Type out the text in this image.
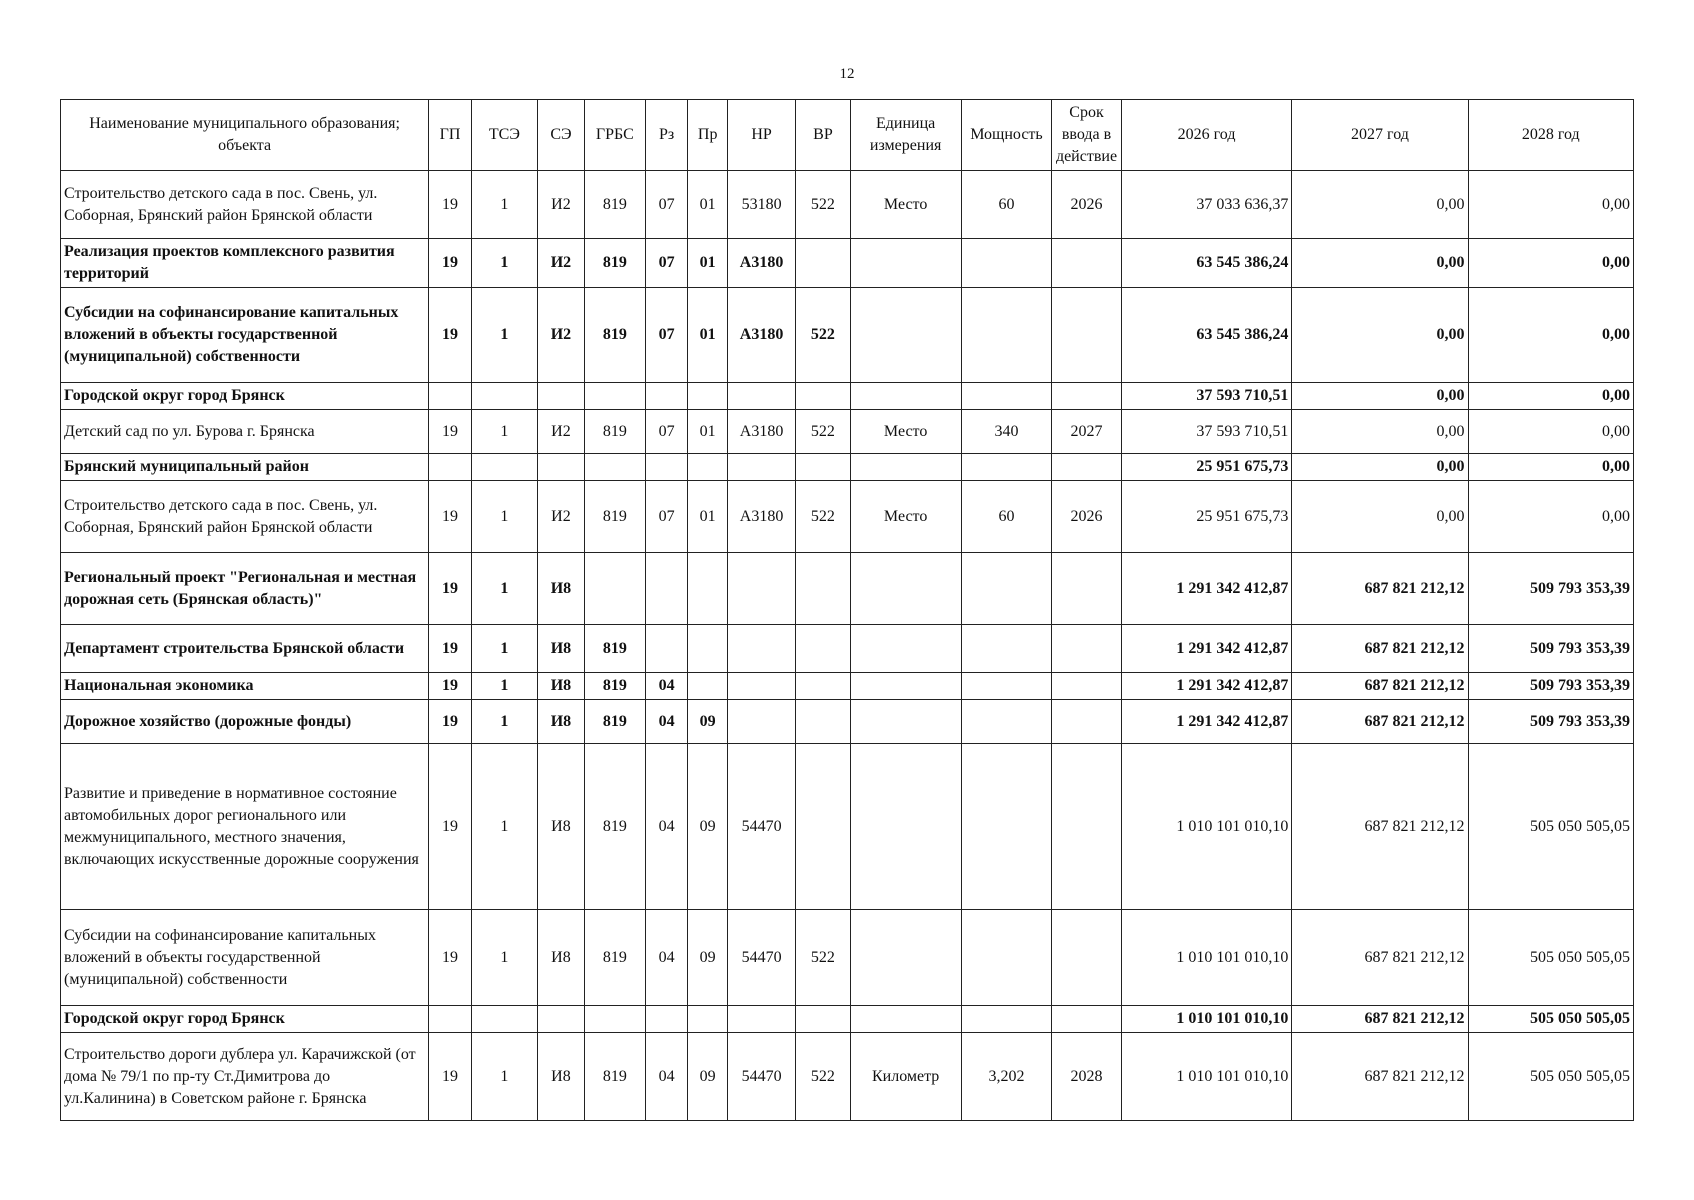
12
Наименование муниципального образования; объекта	ГП	ТСЭ	СЭ	ГРБС	Рз	Пр	НР	ВР	Единица измерения	Мощность	Срок ввода в действие	2026 год	2027 год	2028 год
Строительство детского сада в пос. Свень, ул. Соборная, Брянский район Брянской области	19	1	И2	819	07	01	53180	522	Место	60	2026	37 033 636,37	0,00	0,00
Реализация проектов комплексного развития территорий	19	1	И2	819	07	01	А3180					63 545 386,24	0,00	0,00
Субсидии на софинансирование капитальных вложений в объекты государственной (муниципальной) собственности	19	1	И2	819	07	01	А3180	522				63 545 386,24	0,00	0,00
Городской округ город Брянск												37 593 710,51	0,00	0,00
Детский сад по ул. Бурова г. Брянска	19	1	И2	819	07	01	А3180	522	Место	340	2027	37 593 710,51	0,00	0,00
Брянский муниципальный район												25 951 675,73	0,00	0,00
Строительство детского сада в пос. Свень, ул. Соборная, Брянский район Брянской области	19	1	И2	819	07	01	А3180	522	Место	60	2026	25 951 675,73	0,00	0,00
Региональный проект "Региональная и местная дорожная сеть (Брянская область)"	19	1	И8									1 291 342 412,87	687 821 212,12	509 793 353,39
Департамент строительства Брянской области	19	1	И8	819								1 291 342 412,87	687 821 212,12	509 793 353,39
Национальная экономика	19	1	И8	819	04							1 291 342 412,87	687 821 212,12	509 793 353,39
Дорожное хозяйство (дорожные фонды)	19	1	И8	819	04	09						1 291 342 412,87	687 821 212,12	509 793 353,39
Развитие и приведение в нормативное состояние автомобильных дорог регионального или межмуниципального, местного значения, включающих искусственные дорожные сооружения	19	1	И8	819	04	09	54470					1 010 101 010,10	687 821 212,12	505 050 505,05
Субсидии на софинансирование капитальных вложений в объекты государственной (муниципальной) собственности	19	1	И8	819	04	09	54470	522				1 010 101 010,10	687 821 212,12	505 050 505,05
Городской округ город Брянск												1 010 101 010,10	687 821 212,12	505 050 505,05
Строительство дороги дублера ул. Карачижской (от дома № 79/1 по пр-ту Ст.Димитрова до ул.Калинина) в Советском районе г. Брянска	19	1	И8	819	04	09	54470	522	Километр	3,202	2028	1 010 101 010,10	687 821 212,12	505 050 505,05
